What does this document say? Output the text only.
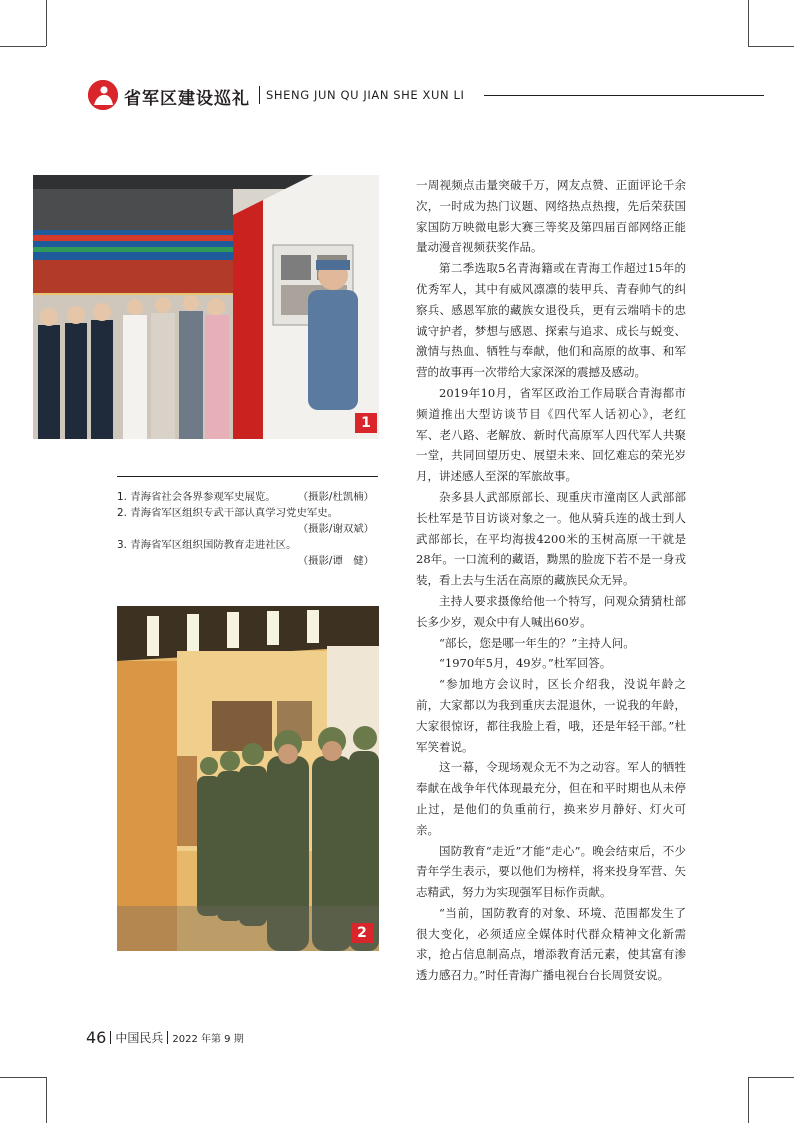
省军区建设巡礼 SHENG JUN QU JIAN SHE XUN LI
1
1. 青海省社会各界参观军史展览。 （摄影/杜凯楠）
2. 青海省军区组织专武干部认真学习党史军史。
（摄影/谢双斌）
3. 青海省军区组织国防教育走进社区。
（摄影/谭　健）
2

一周视频点击量突破千万，网友点赞、正面评论千余次，一时成为热门议题、网络热点热搜，先后荣获国家国防万映微电影大赛三等奖及第四届百部网络正能量动漫音视频获奖作品。

第二季选取5名青海籍或在青海工作超过15年的优秀军人，其中有威风凛凛的装甲兵、青春帅气的纠察兵、感恩军旅的藏族女退役兵，更有云端哨卡的忠诚守护者，梦想与感恩、探索与追求、成长与蜕变、激情与热血、牺牲与奉献，他们和高原的故事、和军营的故事再一次带给大家深深的震撼及感动。

2019年10月，省军区政治工作局联合青海都市频道推出大型访谈节目《四代军人话初心》，老红军、老八路、老解放、新时代高原军人四代军人共聚一堂，共同回望历史、展望未来、回忆难忘的荣光岁月，讲述感人至深的军旅故事。

杂多县人武部原部长、现重庆市潼南区人武部部长杜军是节目访谈对象之一。他从骑兵连的战士到人武部部长，在平均海拔4200米的玉树高原一干就是28年。一口流利的藏语，黝黑的脸庞下若不是一身戎装，看上去与生活在高原的藏族民众无异。

主持人要求摄像给他一个特写，问观众猜猜杜部长多少岁，观众中有人喊出60岁。

“部长，您是哪一年生的？”主持人问。

“1970年5月，49岁。”杜军回答。

“参加地方会议时，区长介绍我，没说年龄之前，大家都以为我到重庆去混退休，一说我的年龄，大家很惊讶，都往我脸上看，哦，还是年轻干部。”杜军笑着说。

这一幕，令现场观众无不为之动容。军人的牺牲奉献在战争年代体现最充分，但在和平时期也从未停止过，是他们的负重前行，换来岁月静好、灯火可亲。

国防教育“走近”才能“走心”。晚会结束后，不少青年学生表示，要以他们为榜样，将来投身军营、矢志精武，努力为实现强军目标作贡献。

“当前，国防教育的对象、环境、范围都发生了很大变化，必须适应全媒体时代群众精神文化新需求，抢占信息制高点，增添教育活元素，使其富有渗透力感召力。”时任青海广播电视台台长周贤安说。

46 中国民兵 2022 年第 9 期
